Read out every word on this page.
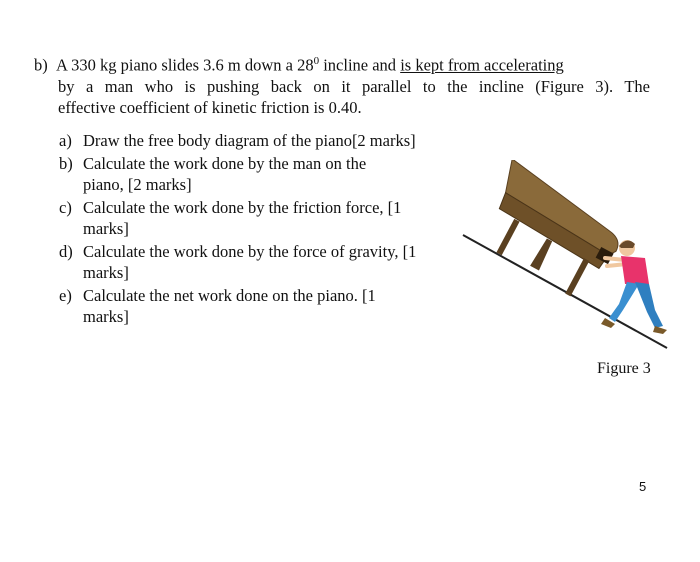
b) A 330 kg piano slides 3.6 m down a $28^0$ incline and is kept from accelerating
by a man who is pushing back on it parallel to the incline (Figure 3). The
effective coefficient of kinetic friction is 0.40.
a) Draw the free body diagram of the piano[2 marks]
b) Calculate the work done by the man on the piano, [2 marks]
c) Calculate the work done by the friction force, [1 marks]
d) Calculate the work done by the force of gravity, [1 marks]
e) Calculate the net work done on the piano. [1 marks]
Figure 3
5
